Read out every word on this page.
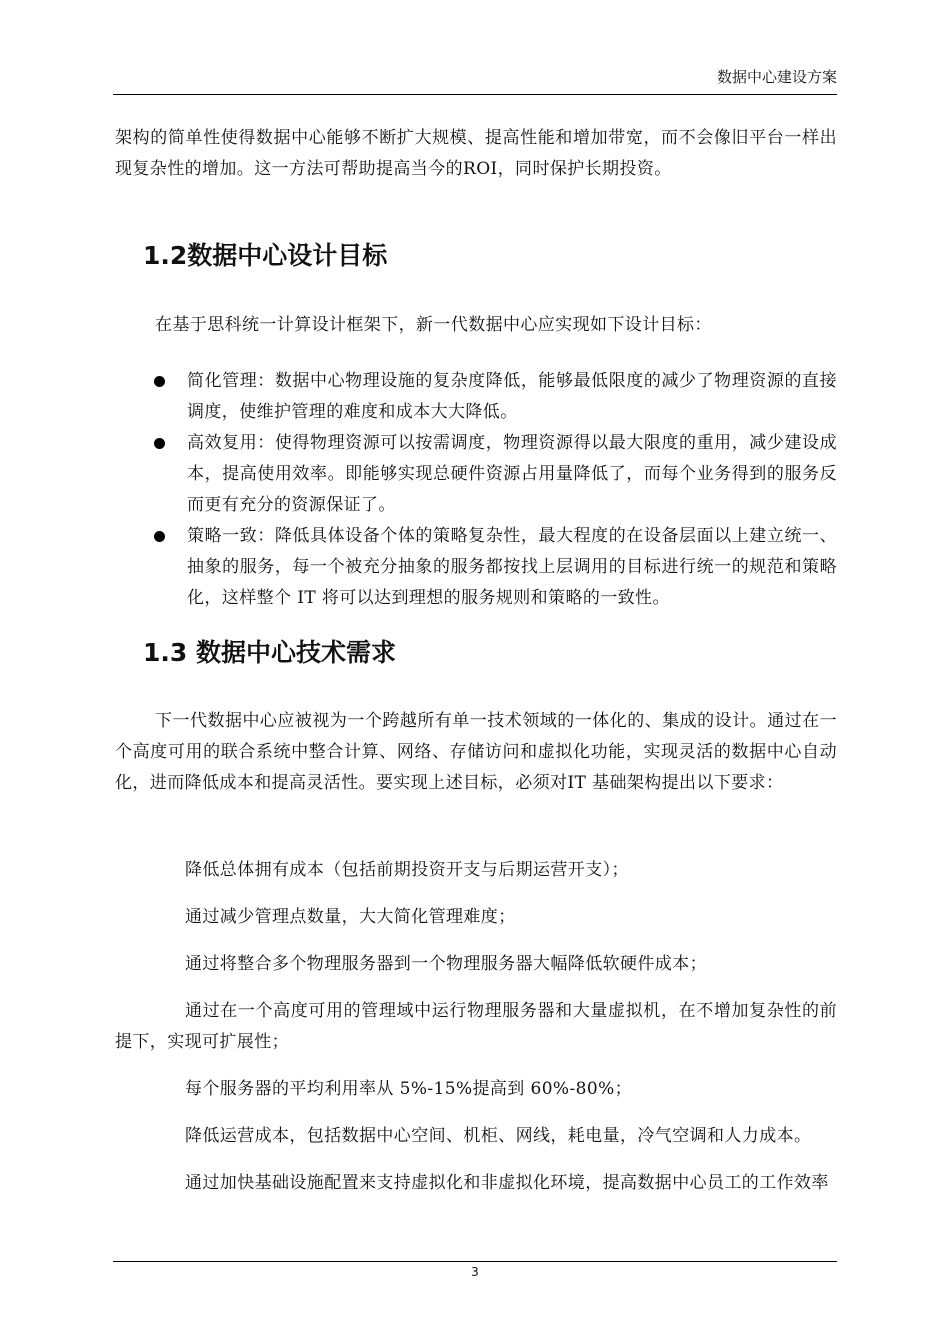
数据中心建设方案

架构的简单性使得数据中心能够不断扩大规模、提高性能和增加带宽，而不会像旧平台一样出现复杂性的增加。这一方法可帮助提高当今的ROI，同时保护长期投资。

1.2数据中心设计目标

在基于思科统一计算设计框架下，新一代数据中心应实现如下设计目标：

简化管理：数据中心物理设施的复杂度降低，能够最低限度的减少了物理资源的直接调度，使维护管理的难度和成本大大降低。
高效复用：使得物理资源可以按需调度，物理资源得以最大限度的重用，减少建设成本，提高使用效率。即能够实现总硬件资源占用量降低了，而每个业务得到的服务反而更有充分的资源保证了。
策略一致：降低具体设备个体的策略复杂性，最大程度的在设备层面以上建立统一、抽象的服务，每一个被充分抽象的服务都按找上层调用的目标进行统一的规范和策略化，这样整个 IT 将可以达到理想的服务规则和策略的一致性。
1.3 数据中心技术需求

下一代数据中心应被视为一个跨越所有单一技术领域的一体化的、集成的设计。通过在一个高度可用的联合系统中整合计算、网络、存储访问和虚拟化功能，实现灵活的数据中心自动化，进而降低成本和提高灵活性。要实现上述目标，必须对IT 基础架构提出以下要求：

降低总体拥有成本（包括前期投资开支与后期运营开支）；

通过减少管理点数量，大大简化管理难度；

通过将整合多个物理服务器到一个物理服务器大幅降低软硬件成本；

通过在一个高度可用的管理域中运行物理服务器和大量虚拟机，在不增加复杂性的前提下，实现可扩展性；

每个服务器的平均利用率从 5%-15%提高到 60%-80%；

降低运营成本，包括数据中心空间、机柜、网线，耗电量，冷气空调和人力成本。

通过加快基础设施配置来支持虚拟化和非虚拟化环境，提高数据中心员工的工作效率

3
